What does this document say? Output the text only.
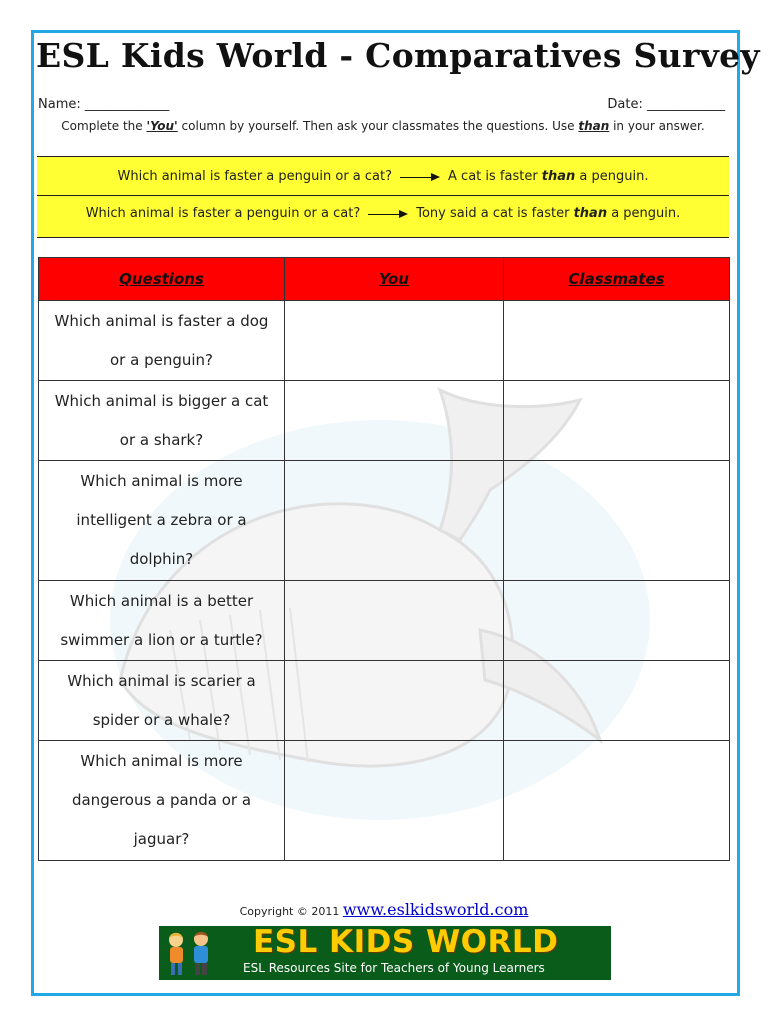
ESL Kids World - Comparatives Survey
Name: _____________	Date: ____________
Complete the 'You' column by yourself. Then ask your classmates the questions. Use than in your answer.
Which animal is faster a penguin or a cat?	A cat is faster than a penguin.
Which animal is faster a penguin or a cat?	Tony said a cat is faster than a penguin.
Questions	You	Classmates

Which animal is faster a dog
or a penguin?		

Which animal is bigger a cat
or a shark?		

Which animal is more
intelligent a zebra or a
dolphin?		

Which animal is a better
swimmer a lion or a turtle?		

Which animal is scarier a
spider or a whale?		

Which animal is more
dangerous a panda or a
jaguar?		

Copyright © 2011 www.eslkidsworld.com
ESL KIDS WORLD
ESL Resources Site for Teachers of Young Learners
